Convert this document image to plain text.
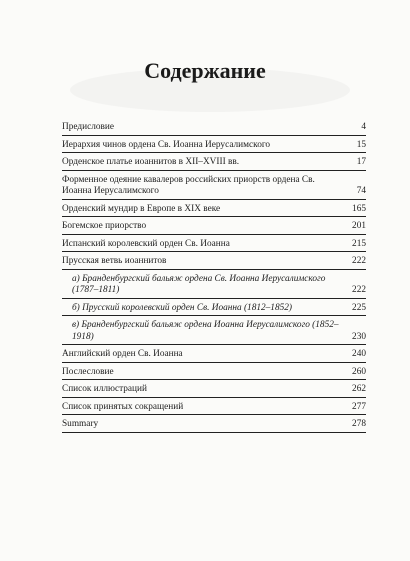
Содержание
Предисловие	4
Иерархия чинов ордена Св. Иоанна Иерусалимского	15
Орденское платье иоаннитов в XII–XVIII вв.	17
Форменное одеяние кавалеров российских приорств ордена Св. Иоанна Иерусалимского	74
Орденский мундир в Европе в XIX веке	165
Богемское приорство	201
Испанский королевский орден Св. Иоанна	215
Прусская ветвь иоаннитов	222
а) Бранденбургский бальяж ордена Св. Иоанна Иерусалимского (1787–1811)	222
б) Прусский королевский орден Св. Иоанна (1812–1852)	225
в) Бранденбургский бальяж ордена Иоанна Иерусалимского (1852–1918)	230
Английский орден Св. Иоанна	240
Послесловие	260
Список иллюстраций	262
Список принятых сокращений	277
Summary	278
